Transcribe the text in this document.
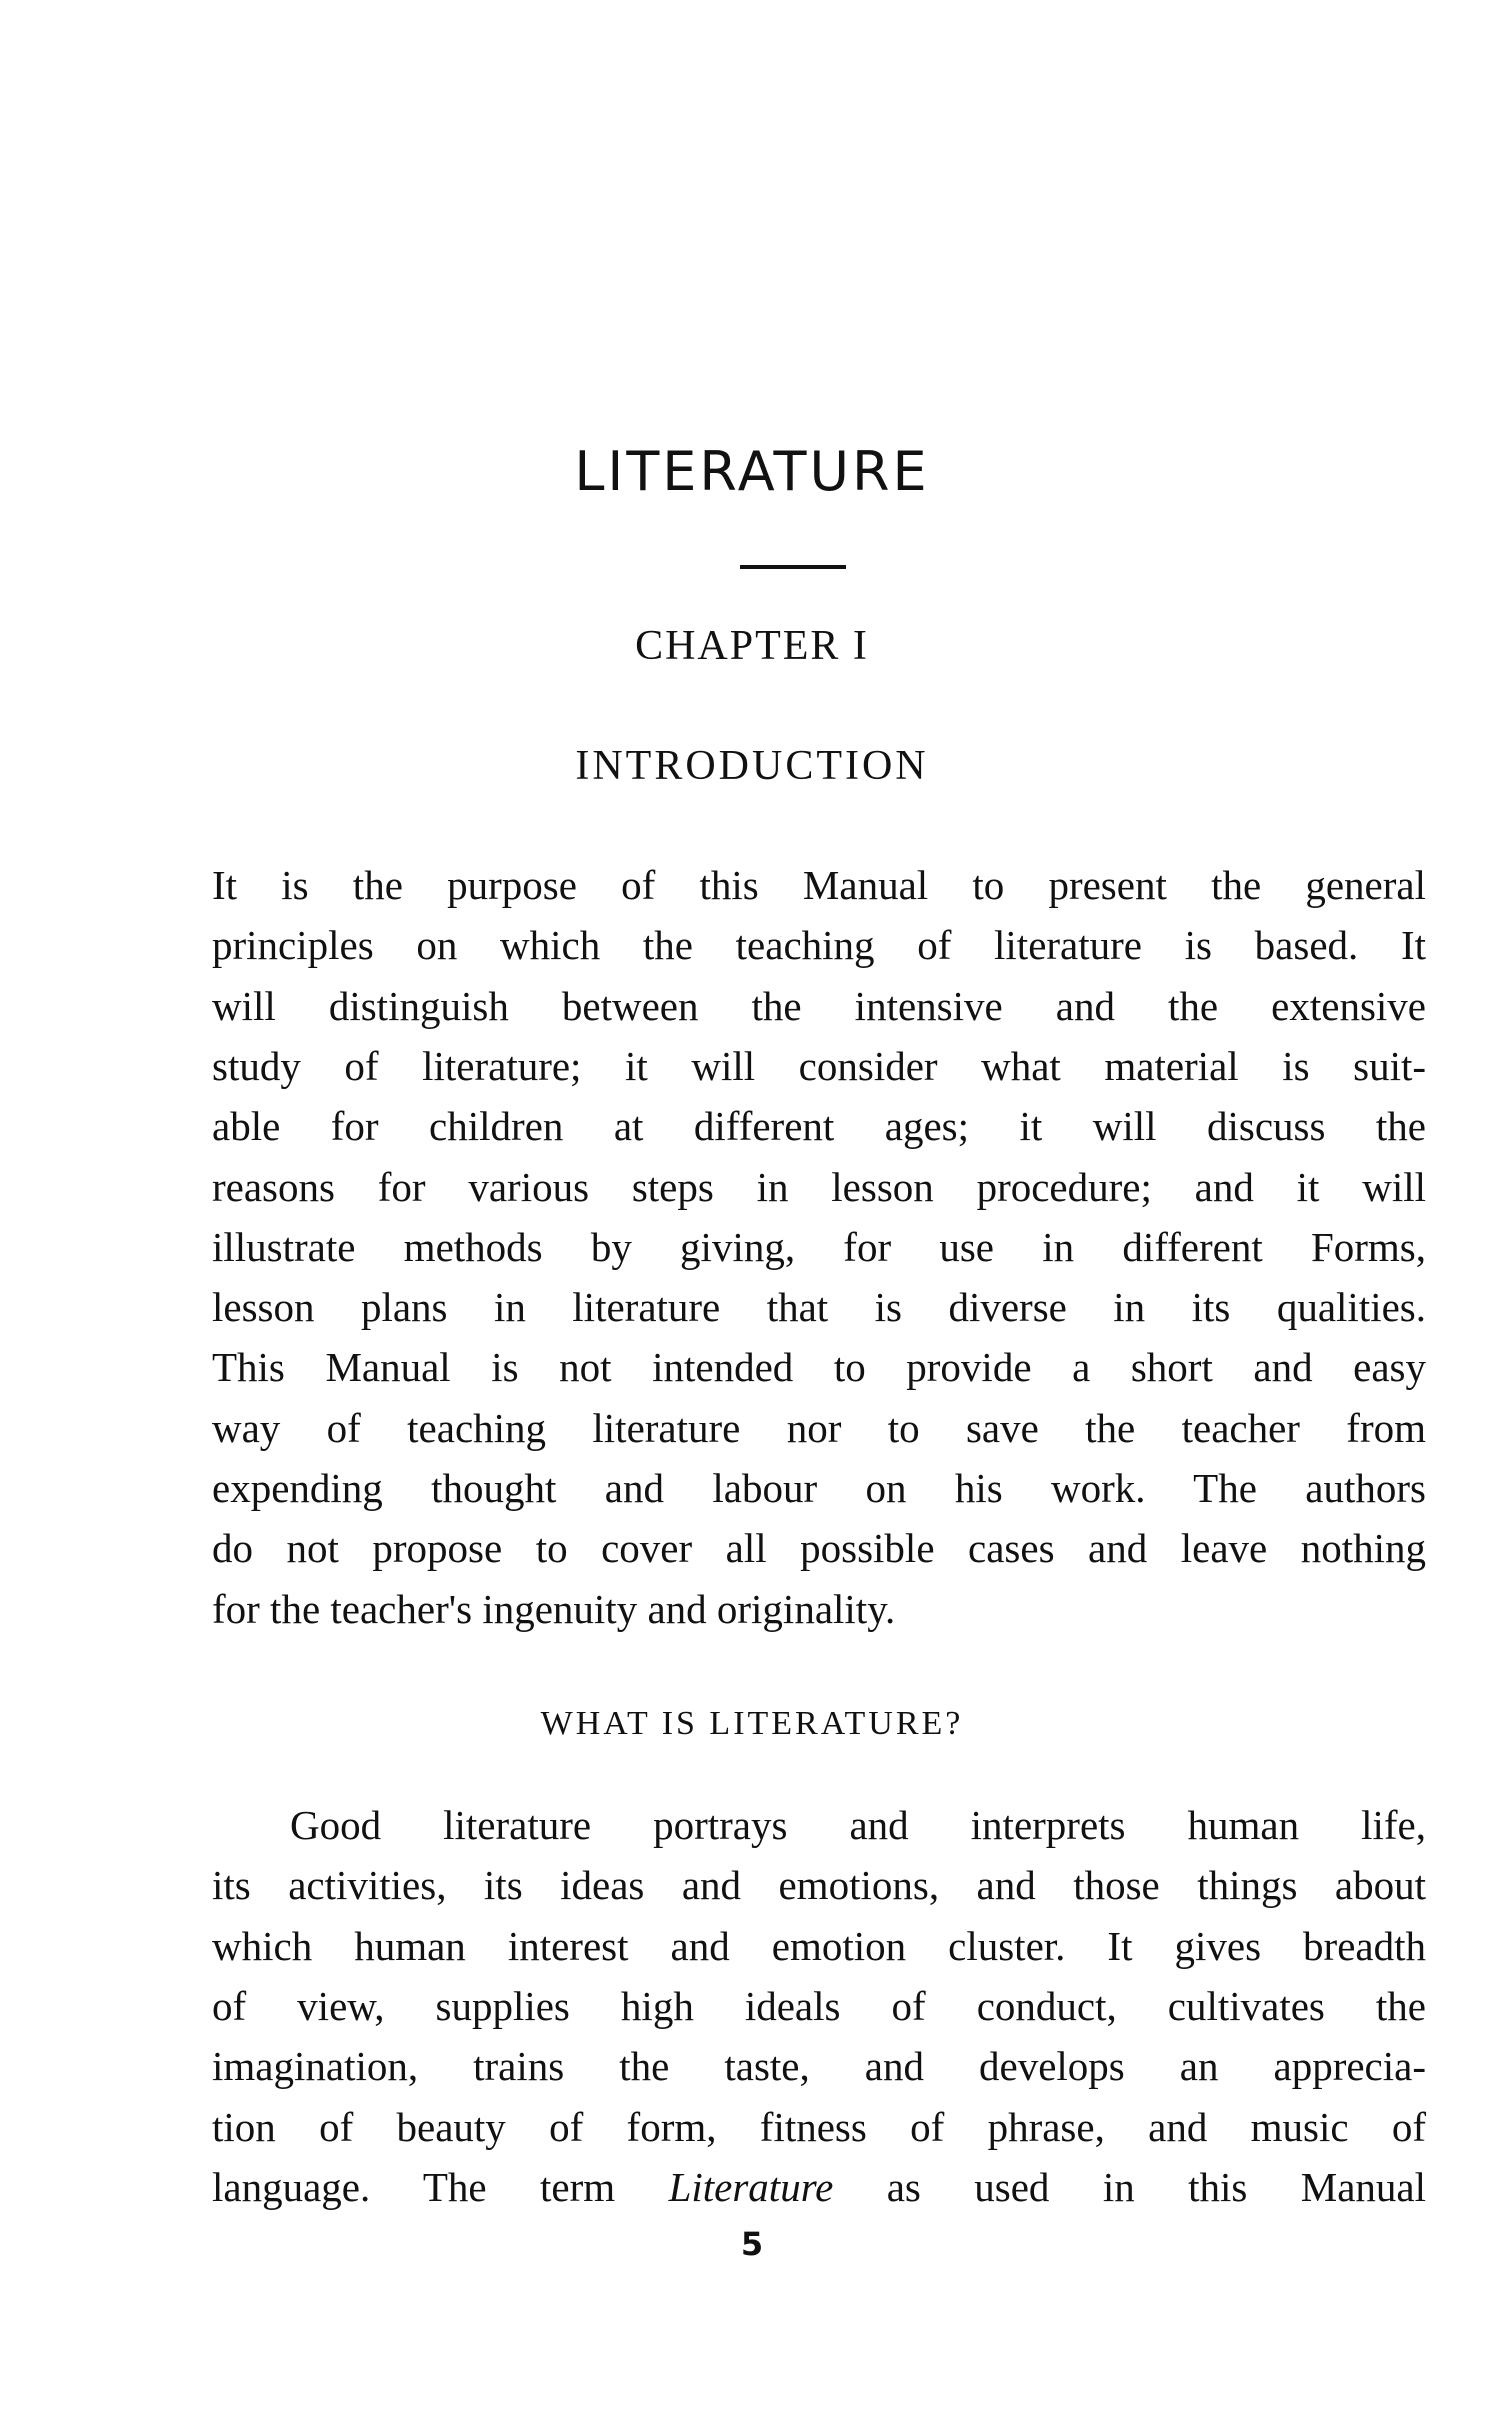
LITERATURE
CHAPTER I
INTRODUCTION
It is the purpose of this Manual to present the general
principles on which the teaching of literature is based. It
will distinguish between the intensive and the extensive
study of literature; it will consider what material is suit-
able for children at different ages; it will discuss the
reasons for various steps in lesson procedure; and it will
illustrate methods by giving, for use in different Forms,
lesson plans in literature that is diverse in its qualities.
This Manual is not intended to provide a short and easy
way of teaching literature nor to save the teacher from
expending thought and labour on his work. The authors
do not propose to cover all possible cases and leave nothing
for the teacher's ingenuity and originality.
WHAT IS LITERATURE?
Good literature portrays and interprets human life,
its activities, its ideas and emotions, and those things about
which human interest and emotion cluster. It gives breadth
of view, supplies high ideals of conduct, cultivates the
imagination, trains the taste, and develops an apprecia-
tion of beauty of form, fitness of phrase, and music of
language. The term Literature as used in this Manual
5
